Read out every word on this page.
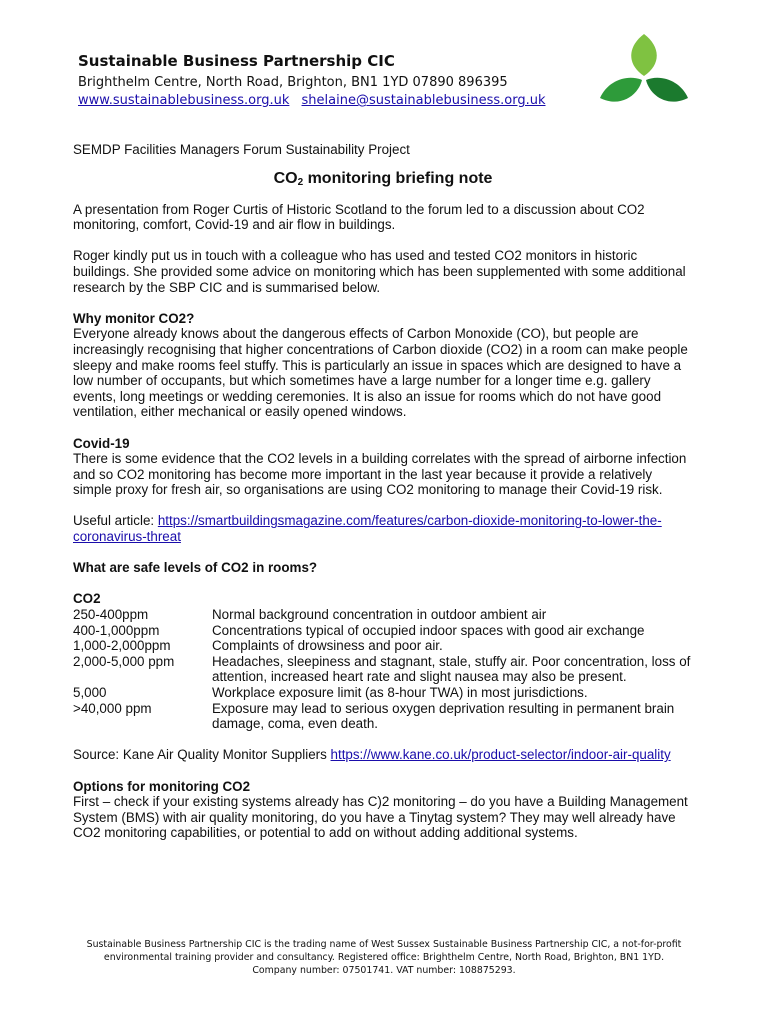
Sustainable Business Partnership CIC
Brighthelm Centre, North Road, Brighton, BN1 1YD 07890 896395
www.sustainablebusiness.org.uk shelaine@sustainablebusiness.org.uk

SEMDP Facilities Managers Forum Sustainability Project

$CO_2$ monitoring briefing note

A presentation from Roger Curtis of Historic Scotland to the forum led to a discussion about CO2 monitoring, comfort, Covid-19 and air flow in buildings.

Roger kindly put us in touch with a colleague who has used and tested CO2 monitors in historic buildings. She provided some advice on monitoring which has been supplemented with some additional research by the SBP CIC and is summarised below.

Why monitor CO2?

Everyone already knows about the dangerous effects of Carbon Monoxide (CO), but people are increasingly recognising that higher concentrations of Carbon dioxide (CO2) in a room can make people sleepy and make rooms feel stuffy. This is particularly an issue in spaces which are designed to have a low number of occupants, but which sometimes have a large number for a longer time e.g. gallery events, long meetings or wedding ceremonies. It is also an issue for rooms which do not have good ventilation, either mechanical or easily opened windows.

Covid-19

There is some evidence that the CO2 levels in a building correlates with the spread of airborne infection and so CO2 monitoring has become more important in the last year because it provide a relatively simple proxy for fresh air, so organisations are using CO2 monitoring to manage their Covid-19 risk.

Useful article: https://smartbuildingsmagazine.com/features/carbon-dioxide-monitoring-to-lower-the-coronavirus-threat

What are safe levels of CO2 in rooms?

CO2

250-400ppm	Normal background concentration in outdoor ambient air
400-1,000ppm	Concentrations typical of occupied indoor spaces with good air exchange
1,000-2,000ppm	Complaints of drowsiness and poor air.
2,000-5,000 ppm	Headaches, sleepiness and stagnant, stale, stuffy air. Poor concentration, loss of attention, increased heart rate and slight nausea may also be present.
5,000	Workplace exposure limit (as 8-hour TWA) in most jurisdictions.
>40,000 ppm	Exposure may lead to serious oxygen deprivation resulting in permanent brain damage, coma, even death.

Source: Kane Air Quality Monitor Suppliers https://www.kane.co.uk/product-selector/indoor-air-quality

Options for monitoring CO2

First – check if your existing systems already has C)2 monitoring – do you have a Building Management System (BMS) with air quality monitoring, do you have a Tinytag system? They may well already have CO2 monitoring capabilities, or potential to add on without adding additional systems.

Sustainable Business Partnership CIC is the trading name of West Sussex Sustainable Business Partnership CIC, a not-for-profit
environmental training provider and consultancy. Registered office: Brighthelm Centre, North Road, Brighton, BN1 1YD.
Company number: 07501741. VAT number: 108875293.
